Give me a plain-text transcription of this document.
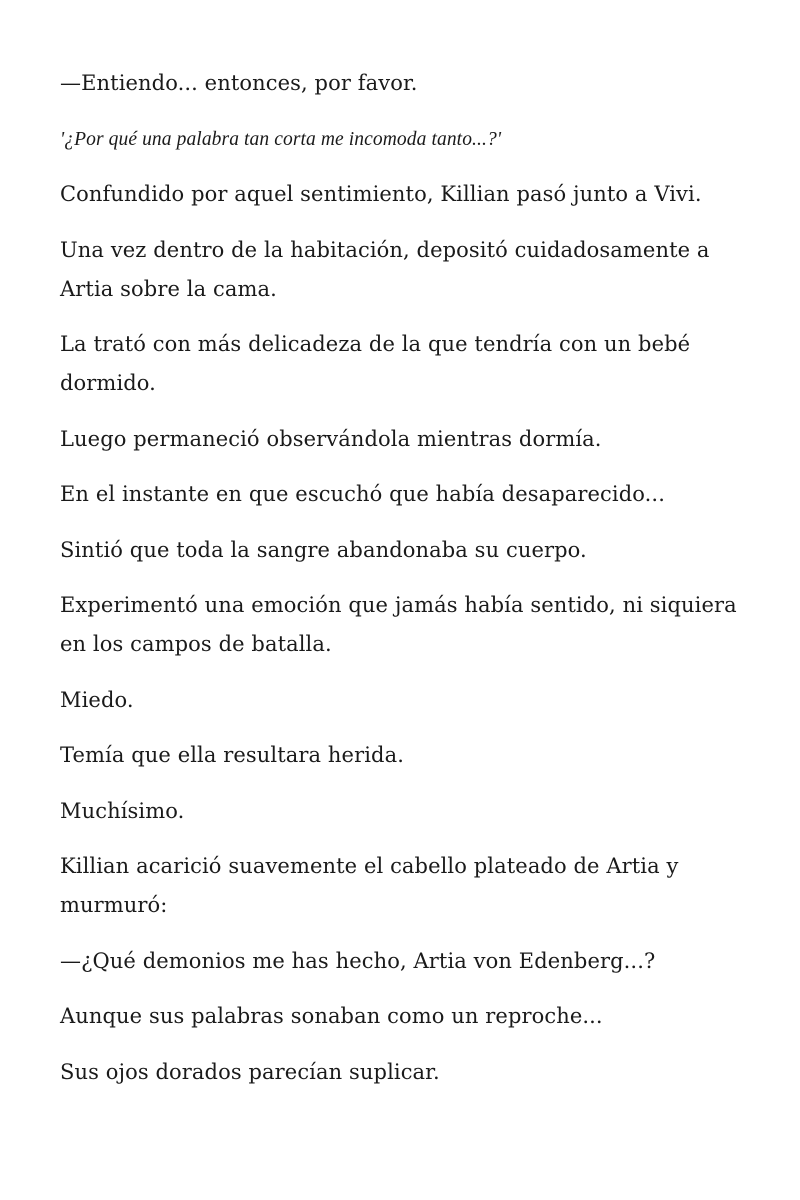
—Entiendo... entonces, por favor.

'¿Por qué una palabra tan corta me incomoda tanto...?'

Confundido por aquel sentimiento, Killian pasó junto a Vivi.

Una vez dentro de la habitación, depositó cuidadosamente a Artia sobre la cama.

La trató con más delicadeza de la que tendría con un bebé dormido.

Luego permaneció observándola mientras dormía.

En el instante en que escuchó que había desaparecido...

Sintió que toda la sangre abandonaba su cuerpo.

Experimentó una emoción que jamás había sentido, ni siquiera en los campos de batalla.

Miedo.

Temía que ella resultara herida.

Muchísimo.

Killian acarició suavemente el cabello plateado de Artia y murmuró:

—¿Qué demonios me has hecho, Artia von Edenberg...?

Aunque sus palabras sonaban como un reproche...

Sus ojos dorados parecían suplicar.
